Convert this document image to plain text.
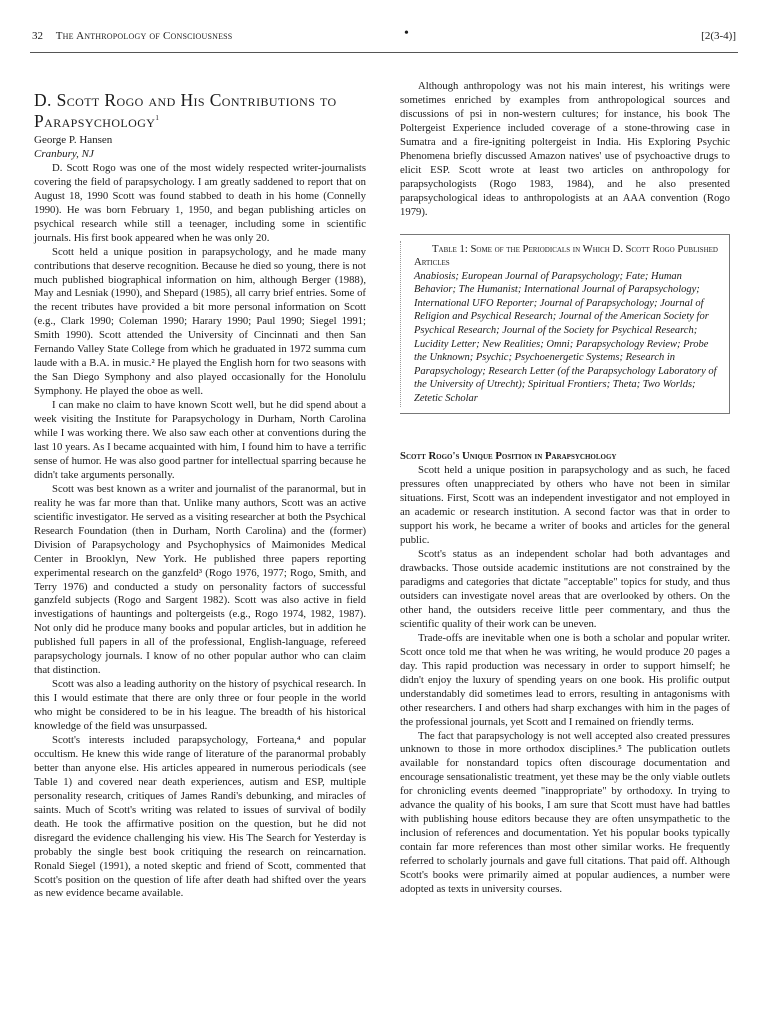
32 The Anthropology of Consciousness	•	[2(3-4)]
D. Scott Rogo and His Contributions to Parapsychology$^1$

George P. Hansen

Cranbury, NJ

D. Scott Rogo was one of the most widely respected writer-journalists covering the field of parapsychology. I am greatly saddened to report that on August 18, 1990 Scott was found stabbed to death in his home (Connelly 1990). He was born February 1, 1950, and began publishing articles on psychical research while still a teenager, including some in scientific journals. His first book appeared when he was only 20.

Scott held a unique position in parapsychology, and he made many contributions that deserve recognition. Because he died so young, there is not much published biographical information on him, although Berger (1988), May and Lesniak (1990), and Shepard (1985), all carry brief entries. Some of the recent tributes have provided a bit more personal information on Scott (e.g., Clark 1990; Coleman 1990; Harary 1990; Paul 1990; Siegel 1991; Smith 1990). Scott attended the University of Cincinnati and then San Fernando Valley State College from which he graduated in 1972 summa cum laude with a B.A. in music.² He played the English horn for two seasons with the San Diego Symphony and also played occasionally for the Honolulu Symphony. He played the oboe as well.

I can make no claim to have known Scott well, but he did spend about a week visiting the Institute for Parapsychology in Durham, North Carolina while I was working there. We also saw each other at conventions during the last 10 years. As I became acquainted with him, I found him to have a terrific sense of humor. He was also good partner for intellectual sparring because he didn't take arguments personally.

Scott was best known as a writer and journalist of the paranormal, but in reality he was far more than that. Unlike many authors, Scott was an active scientific investigator. He served as a visiting researcher at both the Psychical Research Foundation (then in Durham, North Carolina) and the (former) Division of Parapsychology and Psychophysics of Maimonides Medical Center in Brooklyn, New York. He published three papers reporting experimental research on the ganzfeld³ (Rogo 1976, 1977; Rogo, Smith, and Terry 1976) and conducted a study on personality factors of successful ganzfeld subjects (Rogo and Sargent 1982). Scott was also active in field investigations of hauntings and poltergeists (e.g., Rogo 1974, 1982, 1987). Not only did he produce many books and popular articles, but in addition he published full papers in all of the professional, English-language, refereed parapsychology journals. I know of no other popular author who can claim that distinction.

Scott was also a leading authority on the history of psychical research. In this I would estimate that there are only three or four people in the world who might be considered to be in his league. The breadth of his historical knowledge of the field was unsurpassed.

Scott's interests included parapsychology, Forteana,⁴ and popular occultism. He knew this wide range of literature of the paranormal probably better than anyone else. His articles appeared in numerous periodicals (see Table 1) and covered near death experiences, autism and ESP, multiple personality research, critiques of James Randi's debunking, and miracles of saints. Much of Scott's writing was related to issues of survival of bodily death. He took the affirmative position on the question, but he did not disregard the evidence challenging his view. His The Search for Yesterday is probably the single best book critiquing the research on reincarnation. Ronald Siegel (1991), a noted skeptic and friend of Scott, commented that Scott's position on the question of life after death had shifted over the years as new evidence became available.

Although anthropology was not his main interest, his writings were sometimes enriched by examples from anthropological sources and discussions of psi in non-western cultures; for instance, his book The Poltergeist Experience included coverage of a stone-throwing case in Sumatra and a fire-igniting poltergeist in India. His Exploring Psychic Phenomena briefly discussed Amazon natives' use of psychoactive drugs to elicit ESP. Scott wrote at least two articles on anthropology for parapsychologists (Rogo 1983, 1984), and he also presented parapsychological ideas to anthropologists at an AAA convention (Rogo 1979).

Table 1: Some of the Periodicals in Which D. Scott Rogo Published Articles

Anabiosis; European Journal of Parapsychology; Fate; Human Behavior; The Humanist; International Journal of Parapsychology; International UFO Reporter; Journal of Parapsychology; Journal of Religion and Psychical Research; Journal of the American Society for Psychical Research; Journal of the Society for Psychical Research; Lucidity Letter; New Realities; Omni; Parapsychology Review; Probe the Unknown; Psychic; Psychoenergetic Systems; Research in Parapsychology; Research Letter (of the Parapsychology Laboratory of the University of Utrecht); Spiritual Frontiers; Theta; Two Worlds; Zetetic Scholar

Scott Rogo's Unique Position in Parapsychology

Scott held a unique position in parapsychology and as such, he faced pressures often unappreciated by others who have not been in similar situations. First, Scott was an independent investigator and not employed in an academic or research institution. A second factor was that in order to support his work, he became a writer of books and articles for the general public.

Scott's status as an independent scholar had both advantages and drawbacks. Those outside academic institutions are not constrained by the paradigms and categories that dictate "acceptable" topics for study, and thus outsiders can investigate novel areas that are overlooked by others. On the other hand, the outsiders receive little peer commentary, and thus the scientific quality of their work can be uneven.

Trade-offs are inevitable when one is both a scholar and popular writer. Scott once told me that when he was writing, he would produce 20 pages a day. This rapid production was necessary in order to support himself; he didn't enjoy the luxury of spending years on one book. His prolific output understandably did sometimes lead to errors, resulting in antagonisms with other researchers. I and others had sharp exchanges with him in the pages of the professional journals, yet Scott and I remained on friendly terms.

The fact that parapsychology is not well accepted also created pressures unknown to those in more orthodox disciplines.⁵ The publication outlets available for nonstandard topics often discourage documentation and encourage sensationalistic treatment, yet these may be the only viable outlets for chronicling events deemed "inappropriate" by orthodoxy. In trying to advance the quality of his books, I am sure that Scott must have had battles with publishing house editors because they are often unsympathetic to the inclusion of references and documentation. Yet his popular books typically contain far more references than most other similar works. He frequently referred to scholarly journals and gave full citations. That paid off. Although Scott's books were primarily aimed at popular audiences, a number were adopted as texts in university courses.
